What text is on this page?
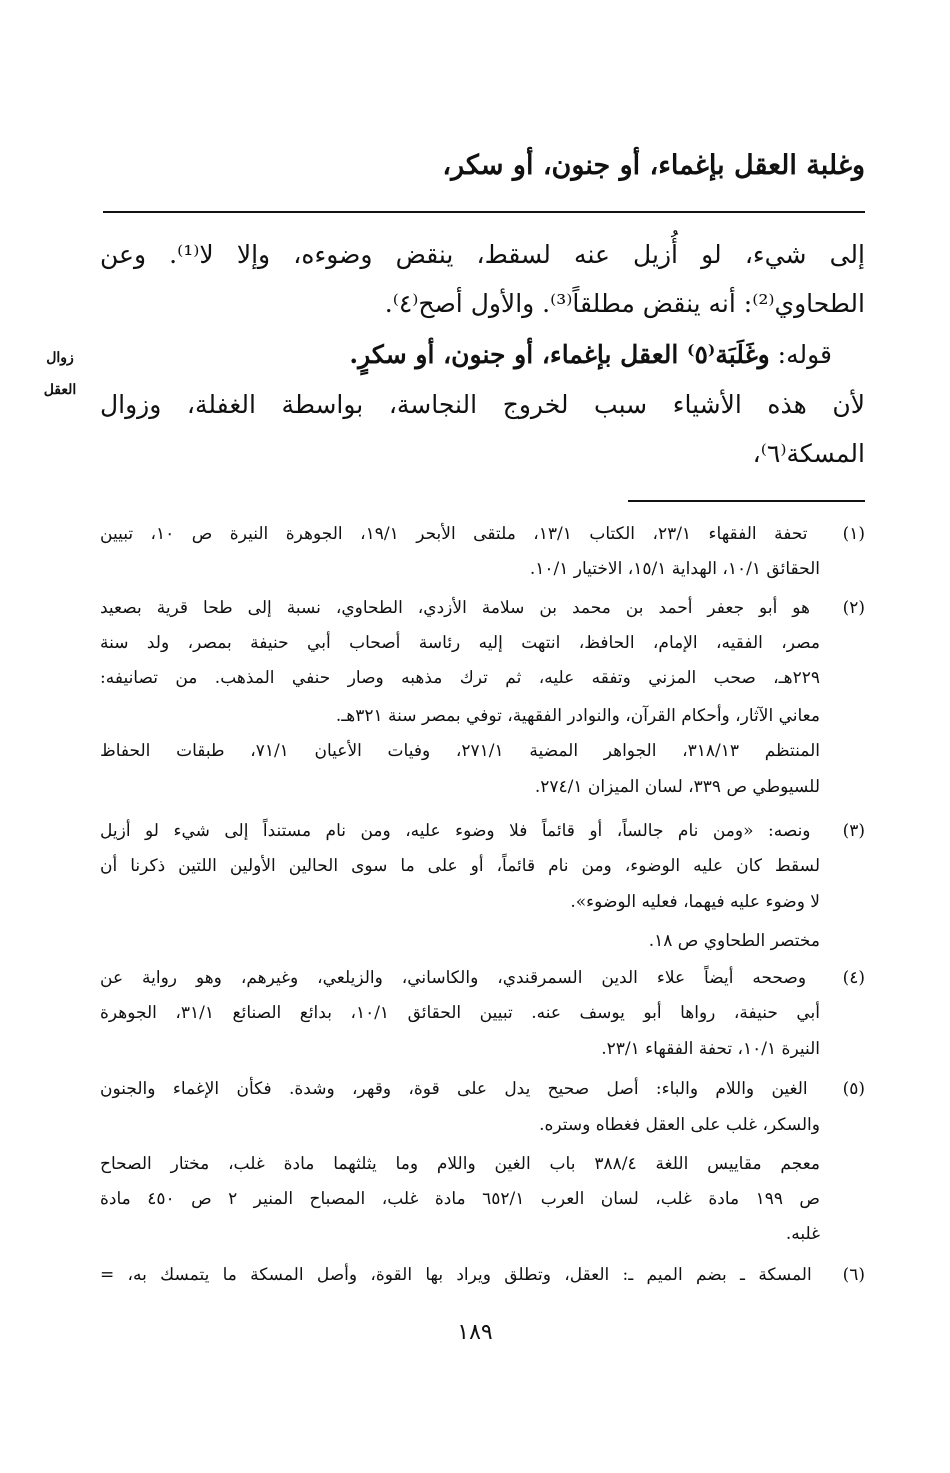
وغلبة العقل بإغماء، أو جنون، أو سكر،
إلى شيء، لو أُزيل عنه لسقط، ينقض وضوءه، وإلا لا⁽¹⁾. وعن
الطحاوي⁽²⁾: أنه ينقض مطلقاً⁽³⁾. والأول أصح⁽٤⁾.
قوله: وغَلَبَة⁽٥⁾ العقل بإغماء، أو جنون، أو سكرٍ.
لأن هذه الأشياء سبب لخروج النجاسة، بواسطة الغفلة، وزوال
المسكة⁽٦⁾،
زوال
العقل
(١) تحفة الفقهاء ٢٣/١، الكتاب ١٣/١، ملتقى الأبحر ١٩/١، الجوهرة النيرة ص ١٠، تبيين
الحقائق ١٠/١، الهداية ١٥/١، الاختيار ١٠/١.
(٢) هو أبو جعفر أحمد بن محمد بن سلامة الأزدي، الطحاوي، نسبة إلى طحا قرية بصعيد
مصر، الفقيه، الإمام، الحافظ، انتهت إليه رئاسة أصحاب أبي حنيفة بمصر، ولد سنة
٢٢٩هـ، صحب المزني وتفقه عليه، ثم ترك مذهبه وصار حنفي المذهب. من تصانيفه:
معاني الآثار، وأحكام القرآن، والنوادر الفقهية، توفي بمصر سنة ٣٢١هـ.
المنتظم ٣١٨/١٣، الجواهر المضية ٢٧١/١، وفيات الأعيان ٧١/١، طبقات الحفاظ
للسيوطي ص ٣٣٩، لسان الميزان ٢٧٤/١.
(٣) ونصه: «ومن نام جالساً، أو قائماً فلا وضوء عليه، ومن نام مستنداً إلى شيء لو أزيل
لسقط كان عليه الوضوء، ومن نام قائماً، أو على ما سوى الحالين الأولين اللتين ذكرنا أن
لا وضوء عليه فيهما، فعليه الوضوء».
مختصر الطحاوي ص ١٨.
(٤) وصححه أيضاً علاء الدين السمرقندي، والكاساني، والزيلعي، وغيرهم، وهو رواية عن
أبي حنيفة، رواها أبو يوسف عنه. تبيين الحقائق ١٠/١، بدائع الصنائع ٣١/١، الجوهرة
النيرة ١٠/١، تحفة الفقهاء ٢٣/١.
(٥) الغين واللام والباء: أصل صحيح يدل على قوة، وقهر، وشدة. فكأن الإغماء والجنون
والسكر، غلب على العقل فغطاه وستره.
معجم مقاييس اللغة ٣٨٨/٤ باب الغين واللام وما يثلثهما مادة غلب، مختار الصحاح
ص ١٩٩ مادة غلب، لسان العرب ٦٥٢/١ مادة غلب، المصباح المنير ٢ ص ٤٥٠ مادة
غلبه.
(٦) المسكة ـ بضم الميم ـ: العقل، وتطلق ويراد بها القوة، وأصل المسكة ما يتمسك به، =
١٨٩
